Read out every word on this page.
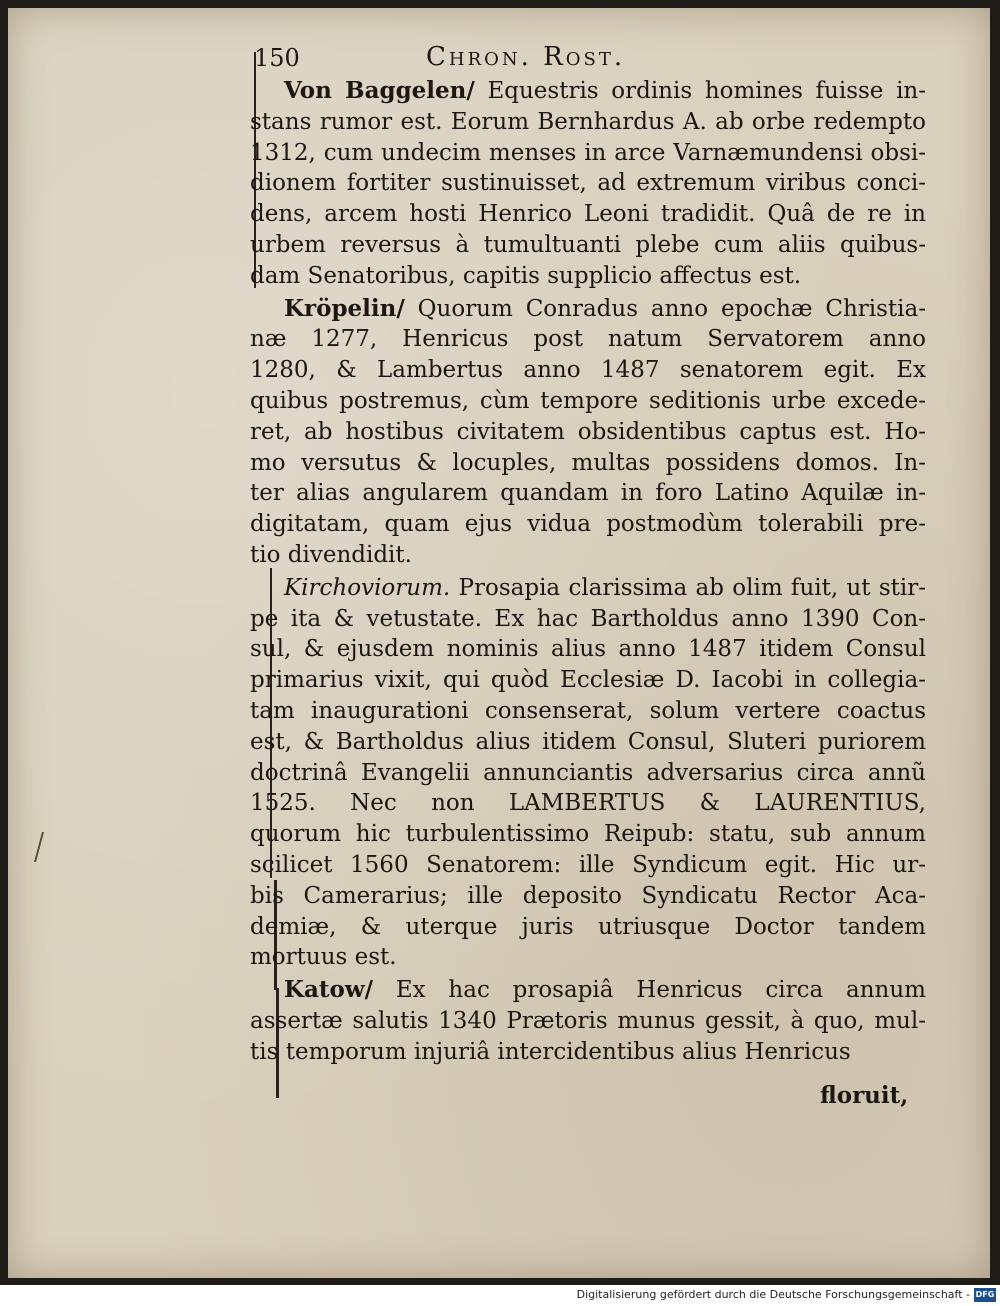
150	Chron. Rost.
Von Baggelen/ Equestris ordinis homines fuisse in-
stans rumor est. Eorum Bernhardus A. ab orbe redempto
1312, cum undecim menses in arce Varnæmundensi obsi-
dionem fortiter sustinuisset, ad extremum viribus conci-
dens, arcem hosti Henrico Leoni tradidit. Quâ de re in
urbem reversus à tumultuanti plebe cum aliis quibus-
dam Senatoribus, capitis supplicio affectus est.
Kröpelin/ Quorum Conradus anno epochæ Christia-
næ 1277, Henricus post natum Servatorem anno
1280, & Lambertus anno 1487 senatorem egit. Ex
quibus postremus, cùm tempore seditionis urbe excede-
ret, ab hostibus civitatem obsidentibus captus est. Ho-
mo versutus & locuples, multas possidens domos. In-
ter alias angularem quandam in foro Latino Aquilæ in-
digitatam, quam ejus vidua postmodùm tolerabili pre-
tio divendidit.
Kirchoviorum. Prosapia clarissima ab olim fuit, ut stir-
pe ita & vetustate. Ex hac Bartholdus anno 1390 Con-
sul, & ejusdem nominis alius anno 1487 itidem Consul
primarius vixit, qui quòd Ecclesiæ D. Iacobi in collegia-
tam inaugurationi consenserat, solum vertere coactus
est, & Bartholdus alius itidem Consul, Sluteri puriorem
doctrinâ Evangelii annunciantis adversarius circa annũ
1525. Nec non LAMBERTUS & LAURENTIUS,
quorum hic turbulentissimo Reipub: statu, sub annum
scilicet 1560 Senatorem: ille Syndicum egit. Hic ur-
bis Camerarius; ille deposito Syndicatu Rector Aca-
demiæ, & uterque juris utriusque Doctor tandem
mortuus est.
Katow/ Ex hac prosapiâ Henricus circa annum
assertæ salutis 1340 Prætoris munus gessit, à quo, mul-
tis temporum injuriâ intercidentibus alius Henricus
floruit,
Digitalisierung gefördert durch die Deutsche Forschungsgemeinschaft - DFG
